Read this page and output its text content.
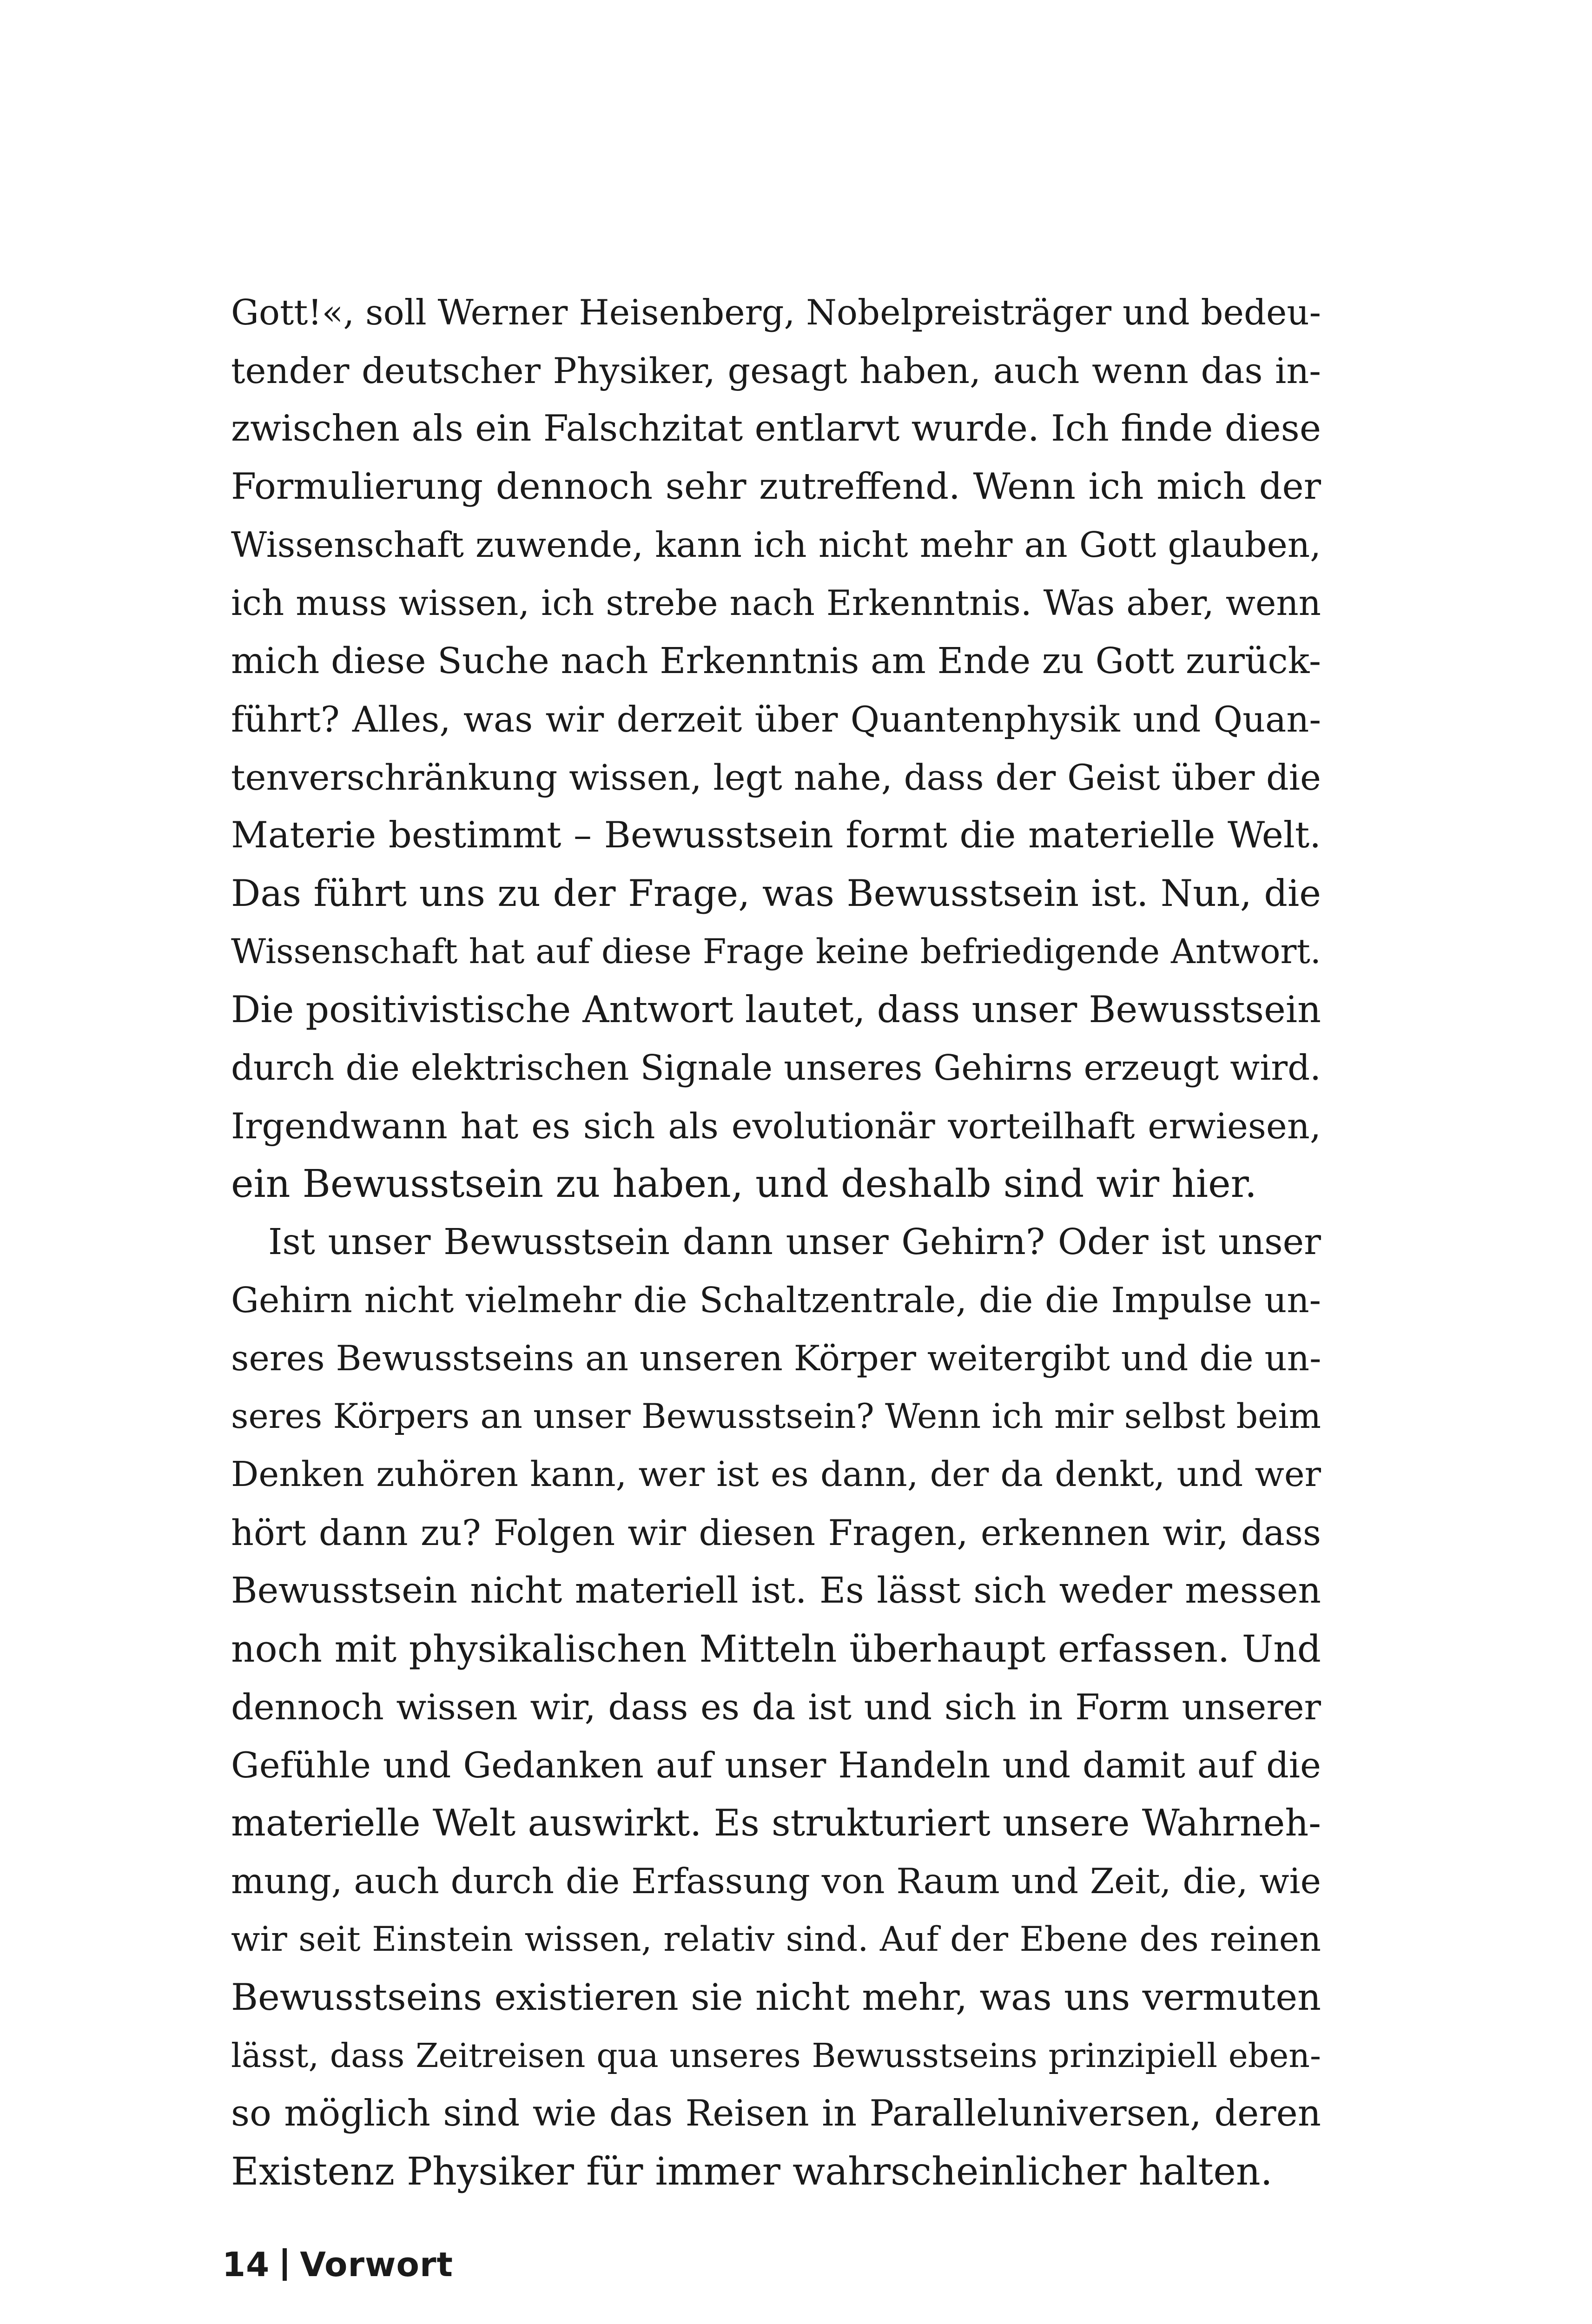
Gott!«, soll Werner Heisenberg, Nobelpreisträger und bedeu-
tender deutscher Physiker, gesagt haben, auch wenn das in-
zwischen als ein Falschzitat entlarvt wurde. Ich finde diese
Formulierung dennoch sehr zutreffend. Wenn ich mich der
Wissenschaft zuwende, kann ich nicht mehr an Gott glauben,
ich muss wissen, ich strebe nach Erkenntnis. Was aber, wenn
mich diese Suche nach Erkenntnis am Ende zu Gott zurück-
führt? Alles, was wir derzeit über Quantenphysik und Quan-
tenverschränkung wissen, legt nahe, dass der Geist über die
Materie bestimmt – Bewusstsein formt die materielle Welt.
Das führt uns zu der Frage, was Bewusstsein ist. Nun, die
Wissenschaft hat auf diese Frage keine befriedigende Antwort.
Die positivistische Antwort lautet, dass unser Bewusstsein
durch die elektrischen Signale unseres Gehirns erzeugt wird.
Irgendwann hat es sich als evolutionär vorteilhaft erwiesen,
ein Bewusstsein zu haben, und deshalb sind wir hier.
Ist unser Bewusstsein dann unser Gehirn? Oder ist unser
Gehirn nicht vielmehr die Schaltzentrale, die die Impulse un-
seres Bewusstseins an unseren Körper weitergibt und die un-
seres Körpers an unser Bewusstsein? Wenn ich mir selbst beim
Denken zuhören kann, wer ist es dann, der da denkt, und wer
hört dann zu? Folgen wir diesen Fragen, erkennen wir, dass
Bewusstsein nicht materiell ist. Es lässt sich weder messen
noch mit physikalischen Mitteln überhaupt erfassen. Und
dennoch wissen wir, dass es da ist und sich in Form unserer
Gefühle und Gedanken auf unser Handeln und damit auf die
materielle Welt auswirkt. Es strukturiert unsere Wahrneh-
mung, auch durch die Erfassung von Raum und Zeit, die, wie
wir seit Einstein wissen, relativ sind. Auf der Ebene des reinen
Bewusstseins existieren sie nicht mehr, was uns vermuten
lässt, dass Zeitreisen qua unseres Bewusstseins prinzipiell eben-
so möglich sind wie das Reisen in Paralleluniversen, deren
Existenz Physiker für immer wahrscheinlicher halten.
14 Vorwort
